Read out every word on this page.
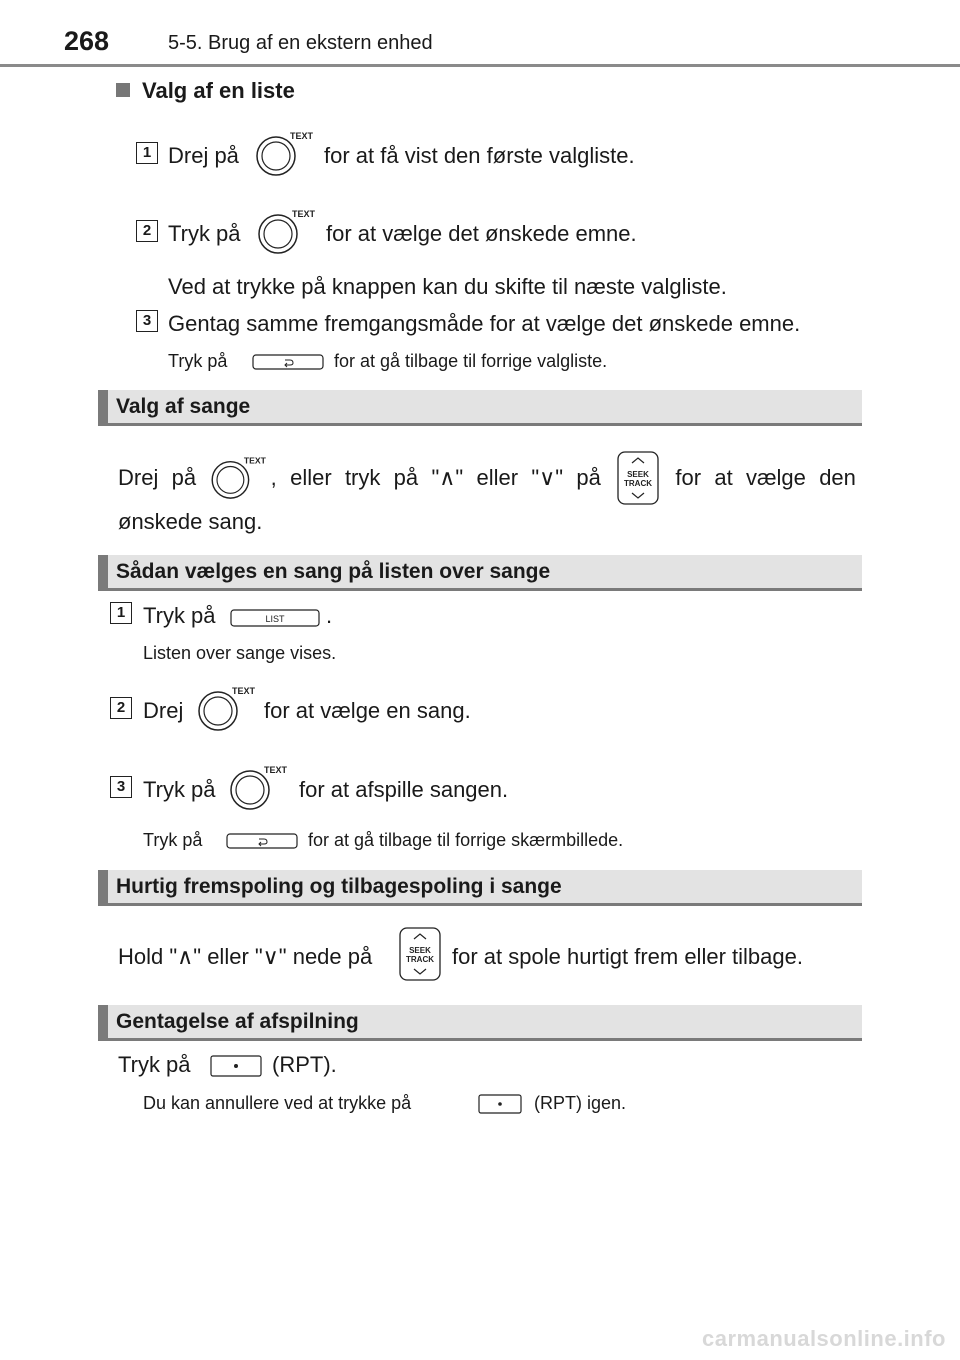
268	5-5. Brug af en ekstern enhed
Valg af en liste
1 Drej på
TEXT
for at få vist den første valgliste.
2 Tryk på
TEXT
for at vælge det ønskede emne.
Ved at trykke på knappen kan du skifte til næste valgliste.
3 Gentag samme fremgangsmåde for at vælge det ønskede emne.
Tryk på	for at gå tilbage til forrige valgliste.
Valg af sange
Drej på
TEXT
, eller tryk på "∧" eller "∨" på	SEEK
TRACK for at vælge den
ønskede sang.
Sådan vælges en sang på listen over sange
1 Tryk på	LIST .
Listen over sange vises.
2 Drej
TEXT
for at vælge en sang.
3 Tryk på
TEXT
for at afspille sangen.
Tryk på	for at gå tilbage til forrige skærmbillede.
Hurtig fremspoling og tilbagespoling i sange
Hold "∧" eller "∨" nede på	SEEK
TRACK for at spole hurtigt frem eller tilbage.
Gentagelse af afspilning
Tryk på	(RPT).
Du kan annullere ved at trykke på	(RPT) igen.
carmanualsonline.info
